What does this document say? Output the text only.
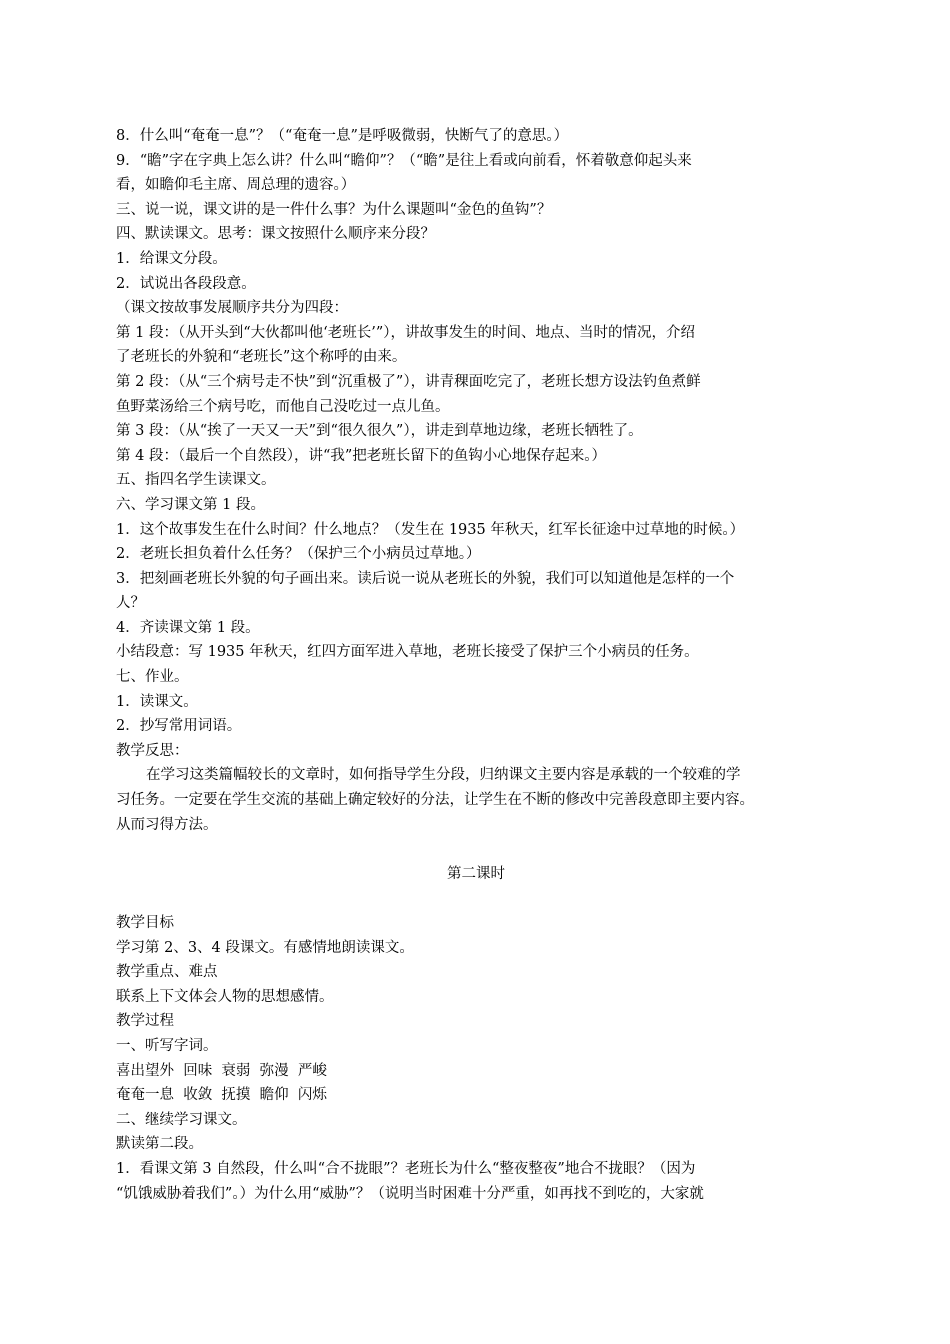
8．什么叫“奄奄一息”？（“奄奄一息”是呼吸微弱，快断气了的意思。）
9．“瞻”字在字典上怎么讲？什么叫“瞻仰”？（“瞻”是往上看或向前看，怀着敬意仰起头来
看，如瞻仰毛主席、周总理的遗容。）
三、说一说，课文讲的是一件什么事？为什么课题叫“金色的鱼钩”？
四、默读课文。思考：课文按照什么顺序来分段？
1．给课文分段。
2．试说出各段段意。
（课文按故事发展顺序共分为四段：
第 1 段：（从开头到“大伙都叫他‘老班长’”），讲故事发生的时间、地点、当时的情况，介绍
了老班长的外貌和“老班长”这个称呼的由来。
第 2 段：（从“三个病号走不快”到“沉重极了”），讲青稞面吃完了，老班长想方设法钓鱼煮鲜
鱼野菜汤给三个病号吃，而他自己没吃过一点儿鱼。
第 3 段：（从“挨了一天又一天”到“很久很久”），讲走到草地边缘，老班长牺牲了。
第 4 段：（最后一个自然段），讲“我”把老班长留下的鱼钩小心地保存起来。）
五、指四名学生读课文。
六、学习课文第 1 段。
1．这个故事发生在什么时间？什么地点？（发生在 1935 年秋天，红军长征途中过草地的时候。）
2．老班长担负着什么任务？（保护三个小病员过草地。）
3．把刻画老班长外貌的句子画出来。读后说一说从老班长的外貌，我们可以知道他是怎样的一个
人？
4．齐读课文第 1 段。
小结段意：写 1935 年秋天，红四方面军进入草地，老班长接受了保护三个小病员的任务。
七、作业。
1．读课文。
2．抄写常用词语。
教学反思：
在学习这类篇幅较长的文章时，如何指导学生分段，归纳课文主要内容是承载的一个较难的学
习任务。一定要在学生交流的基础上确定较好的分法，让学生在不断的修改中完善段意即主要内容。
从而习得方法。
第二课时
教学目标
学习第 2、3、4 段课文。有感情地朗读课文。
教学重点、难点
联系上下文体会人物的思想感情。
教学过程
一、听写字词。
喜出望外  回味  衰弱  弥漫  严峻
奄奄一息  收敛  抚摸  瞻仰  闪烁
二、继续学习课文。
默读第二段。
1．看课文第 3 自然段，什么叫“合不拢眼”？老班长为什么“整夜整夜”地合不拢眼？（因为
“饥饿威胁着我们”。）为什么用“威胁”？（说明当时困难十分严重，如再找不到吃的，大家就
